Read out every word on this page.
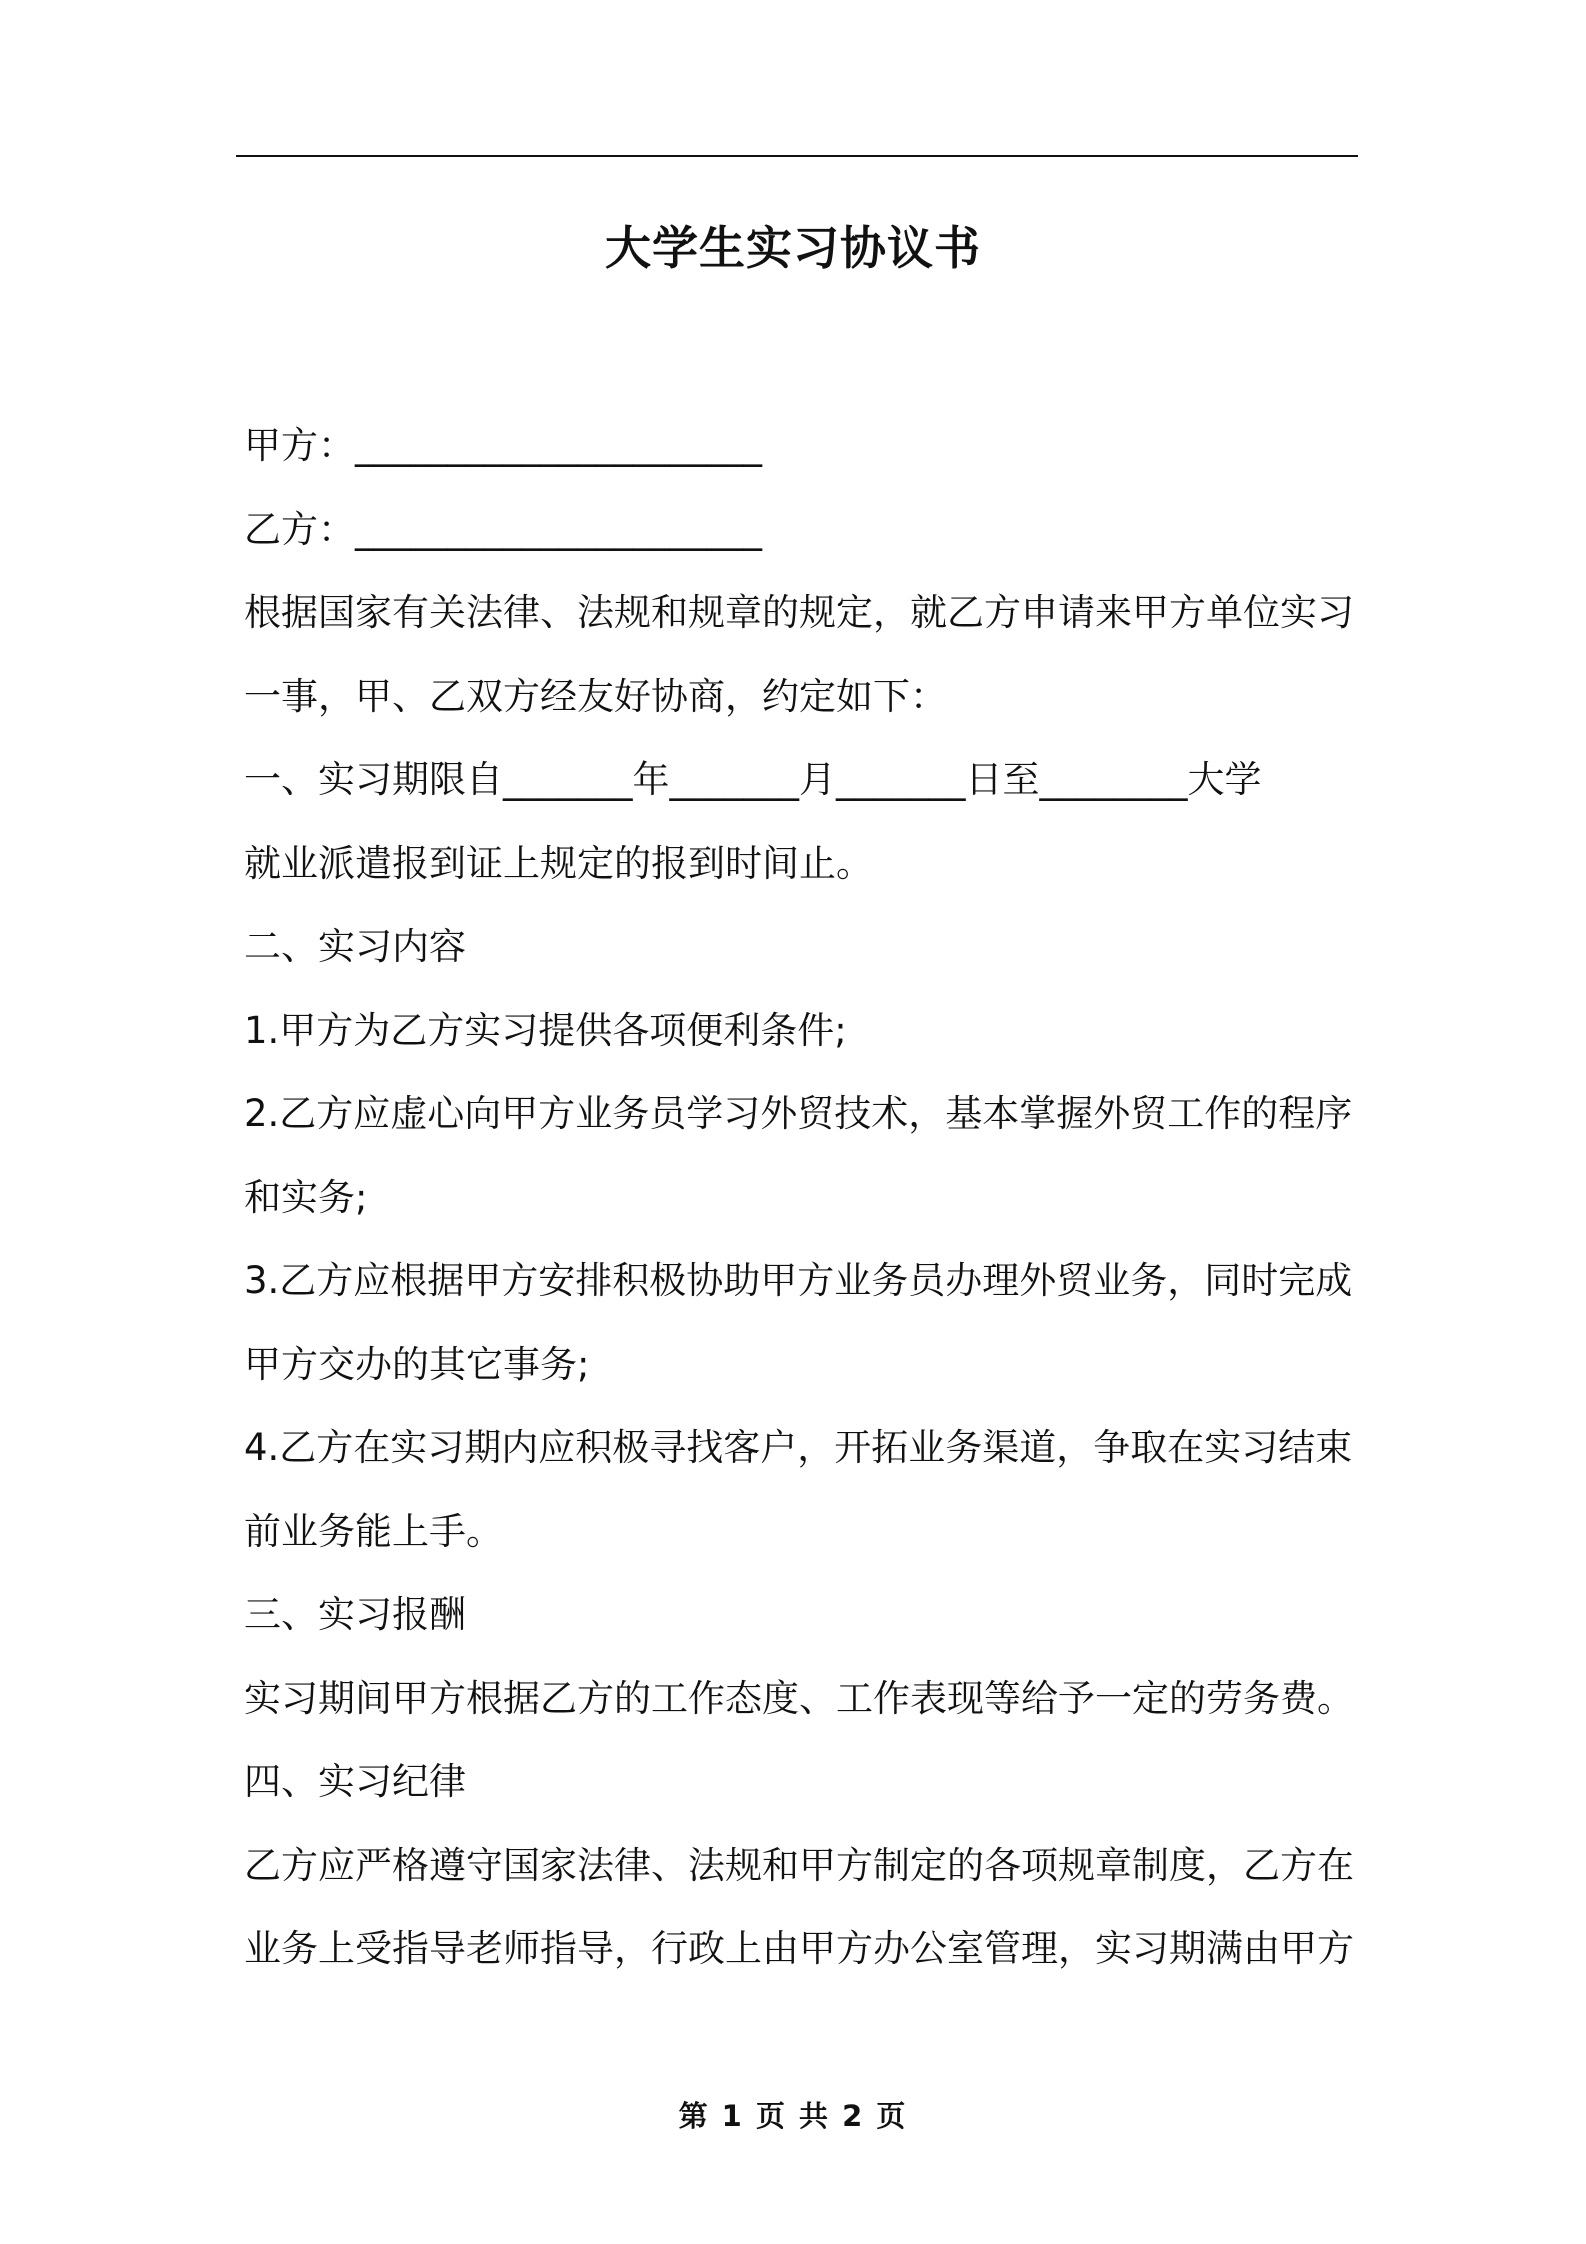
大学生实习协议书
甲方：______________________
乙方：______________________
根据国家有关法律、法规和规章的规定，就乙方申请来甲方单位实习
一事，甲、乙双方经友好协商，约定如下：
一、实习期限自_______年_______月_______日至________大学
就业派遣报到证上规定的报到时间止。
二、实习内容
1.甲方为乙方实习提供各项便利条件;
2.乙方应虚心向甲方业务员学习外贸技术，基本掌握外贸工作的程序
和实务;
3.乙方应根据甲方安排积极协助甲方业务员办理外贸业务，同时完成
甲方交办的其它事务;
4.乙方在实习期内应积极寻找客户，开拓业务渠道，争取在实习结束
前业务能上手。
三、实习报酬
实习期间甲方根据乙方的工作态度、工作表现等给予一定的劳务费。
四、实习纪律
乙方应严格遵守国家法律、法规和甲方制定的各项规章制度，乙方在
业务上受指导老师指导，行政上由甲方办公室管理，实习期满由甲方
第 1 页 共 2 页
